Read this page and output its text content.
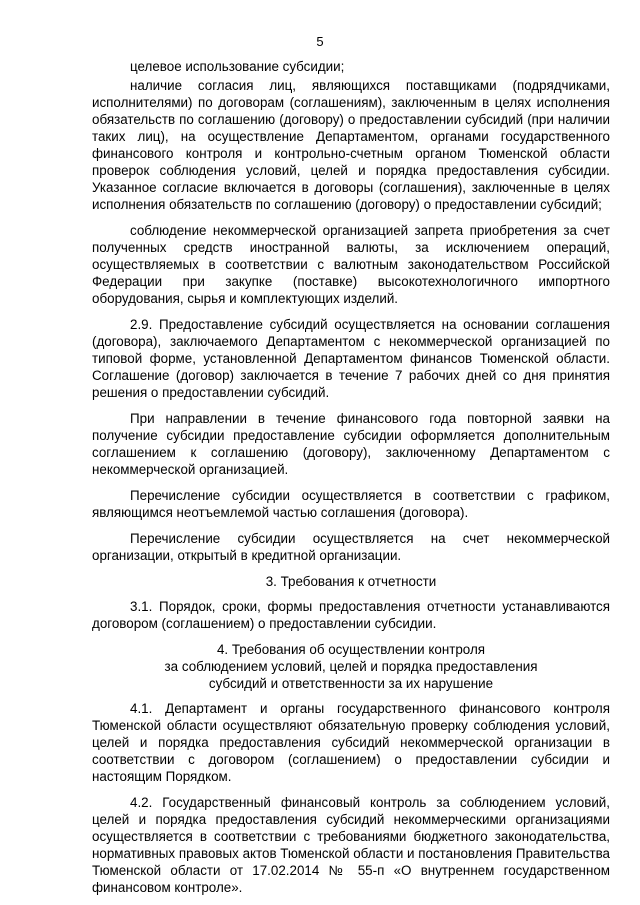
5

целевое использование субсидии;

наличие согласия лиц, являющихся поставщиками (подрядчиками, исполнителями) по договорам (соглашениям), заключенным в целях исполнения обязательств по соглашению (договору) о предоставлении субсидий (при наличии таких лиц), на осуществление Департаментом, органами государственного финансового контроля и контрольно-счетным органом Тюменской области проверок соблюдения условий, целей и порядка предоставления субсидии. Указанное согласие включается в договоры (соглашения), заключенные в целях исполнения обязательств по соглашению (договору) о предоставлении субсидий;

соблюдение некоммерческой организацией запрета приобретения за счет полученных средств иностранной валюты, за исключением операций, осуществляемых в соответствии с валютным законодательством Российской Федерации при закупке (поставке) высокотехнологичного импортного оборудования, сырья и комплектующих изделий.

2.9. Предоставление субсидий осуществляется на основании соглашения (договора), заключаемого Департаментом с некоммерческой организацией по типовой форме, установленной Департаментом финансов Тюменской области. Соглашение (договор) заключается в течение 7 рабочих дней со дня принятия решения о предоставлении субсидий.

При направлении в течение финансового года повторной заявки на получение субсидии предоставление субсидии оформляется дополнительным соглашением к соглашению (договору), заключенному Департаментом с некоммерческой организацией.

Перечисление субсидии осуществляется в соответствии с графиком, являющимся неотъемлемой частью соглашения (договора).

Перечисление субсидии осуществляется на счет некоммерческой организации, открытый в кредитной организации.

3. Требования к отчетности

3.1. Порядок, сроки, формы предоставления отчетности устанавливаются договором (соглашением) о предоставлении субсидии.

4. Требования об осуществлении контроля
за соблюдением условий, целей и порядка предоставления
субсидий и ответственности за их нарушение

4.1. Департамент и органы государственного финансового контроля Тюменской области осуществляют обязательную проверку соблюдения условий, целей и порядка предоставления субсидий некоммерческой организации в соответствии с договором (соглашением) о предоставлении субсидии и настоящим Порядком.

4.2. Государственный финансовый контроль за соблюдением условий, целей и порядка предоставления субсидий некоммерческими организациями осуществляется в соответствии с требованиями бюджетного законодательства, нормативных правовых актов Тюменской области и постановления Правительства Тюменской области от 17.02.2014 № 55-п «О внутреннем государственном финансовом контроле».
